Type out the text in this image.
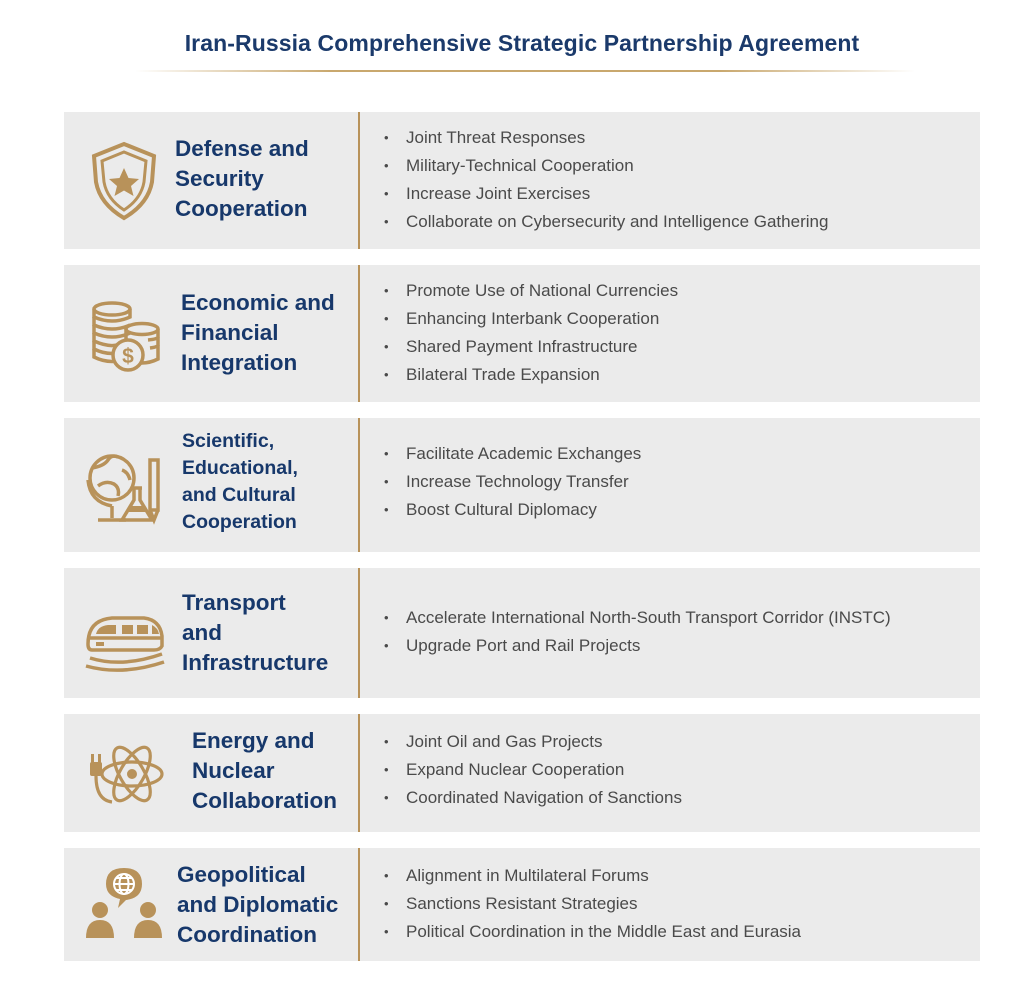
Iran-Russia Comprehensive Strategic Partnership Agreement
Defense and
Security
Cooperation
• Joint Threat Responses
• Military-Technical Cooperation
• Increase Joint Exercises
• Collaborate on Cybersecurity and Intelligence Gathering
$
Economic and
Financial
Integration
• Promote Use of National Currencies
• Enhancing Interbank Cooperation
• Shared Payment Infrastructure
• Bilateral Trade Expansion
Scientific,
Educational,
and Cultural
Cooperation
• Facilitate Academic Exchanges
• Increase Technology Transfer
• Boost Cultural Diplomacy
Transport
and
Infrastructure
• Accelerate International North-South Transport Corridor (INSTC)
• Upgrade Port and Rail Projects
Energy and
Nuclear
Collaboration
• Joint Oil and Gas Projects
• Expand Nuclear Cooperation
• Coordinated Navigation of Sanctions
Geopolitical
and Diplomatic
Coordination
• Alignment in Multilateral Forums
• Sanctions Resistant Strategies
• Political Coordination in the Middle East and Eurasia
